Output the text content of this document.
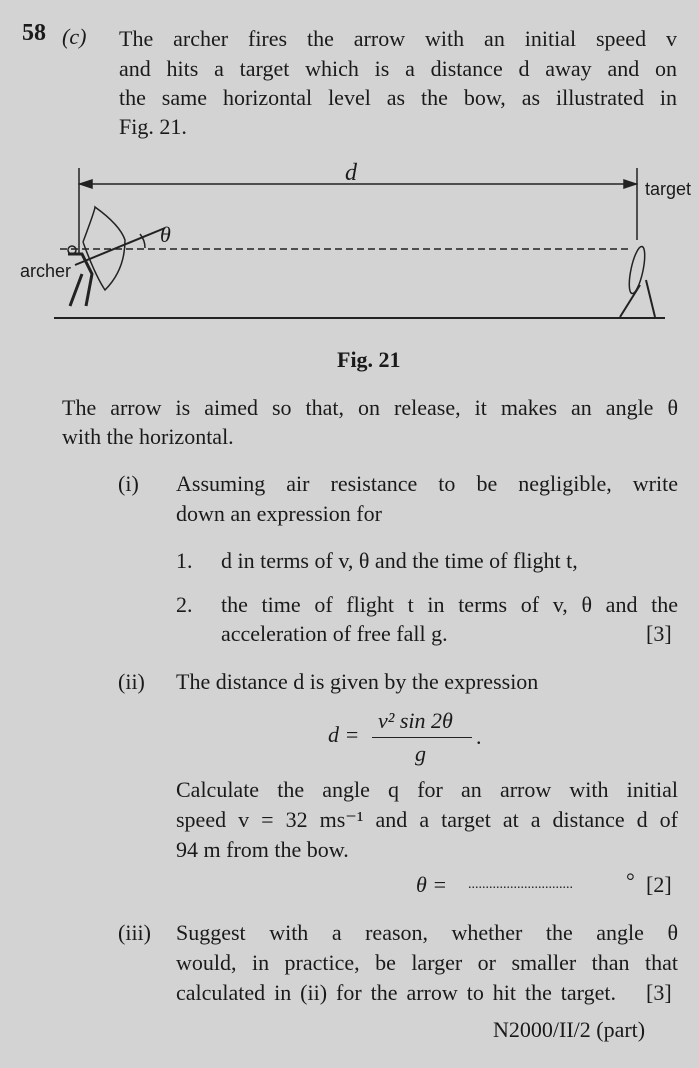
58 (c) The archer fires the arrow with an initial speed v
and hits a target which is a distance d away and on
the same horizontal level as the bow, as illustrated in
Fig. 21.
d
target
archer
θ
Fig. 21
The arrow is aimed so that, on release, it makes an angle θ
with the horizontal.
(i) Assuming air resistance to be negligible, write
down an expression for
1. d in terms of v, θ and the time of flight t,
2. the time of flight t in terms of v, θ and the
acceleration of free fall g.	[3]
(ii) The distance d is given by the expression
d =
v² sin 2θ
g
.
Calculate the angle q for an arrow with initial
speed v = 32 ms⁻¹ and a target at a distance d of
94 m from the bow.
θ = .............................. ° [2]
(iii) Suggest with a reason, whether the angle θ
would, in practice, be larger or smaller than that
calculated in (ii) for the arrow to hit the target. [3]
N2000/II/2 (part)
